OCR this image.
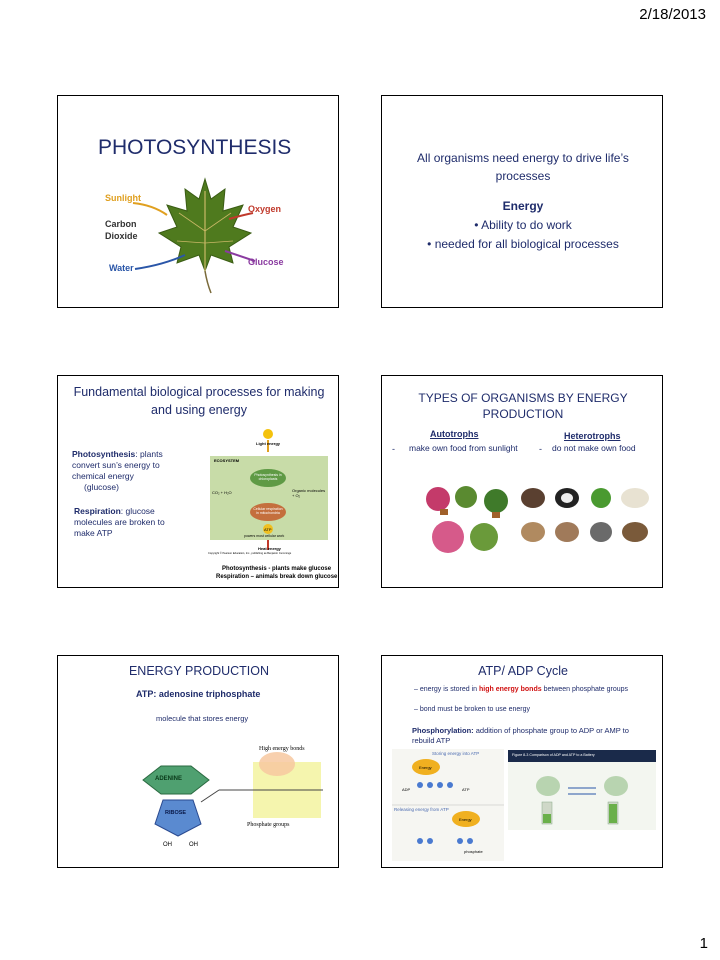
2/18/2013
PHOTOSYNTHESIS
Sunlight
Carbon
Dioxide
Water
Oxygen
Glucose
All organisms need energy to drive life’s processes
Energy
• Ability to do work
• needed for all biological processes
Fundamental biological processes for making and using energy
Photosynthesis: plants convert sun’s energy to chemical energy
(glucose)
Respiration: glucose molecules are broken to make ATP
Light energy
ECOSYSTEM
Photosynthesis in chloroplasts
CO₂ + H₂O	Organic molecules + O₂
Cellular respiration in mitochondria
ATP
powers most cellular work
Heat energy
Copyright © Pearson Education, Inc., publishing as Benjamin Cummings
Photosynthesis - plants make glucose
Respiration – animals break down glucose
TYPES OF ORGANISMS BY ENERGY PRODUCTION
Autotrophs	Heterotrophs
- make own food from sunlight - do not make own food
ENERGY PRODUCTION
ATP: adenosine triphosphate
molecule that stores energy
High energy bonds
ADENINE
RIBOSE
Phosphate groups
OH	OH
ATP/ ADP Cycle
– energy is stored in high energy bonds between phosphate groups
– bond must be broken to use energy
Phosphorylation: addition of phosphate group to ADP or AMP to rebuild ATP
Storing energy into ATP
Energy
ADP	ATP
Releasing energy from ATP
Energy
phosphate
Figure 8-3 Comparison of ADP and ATP to a Battery
1
